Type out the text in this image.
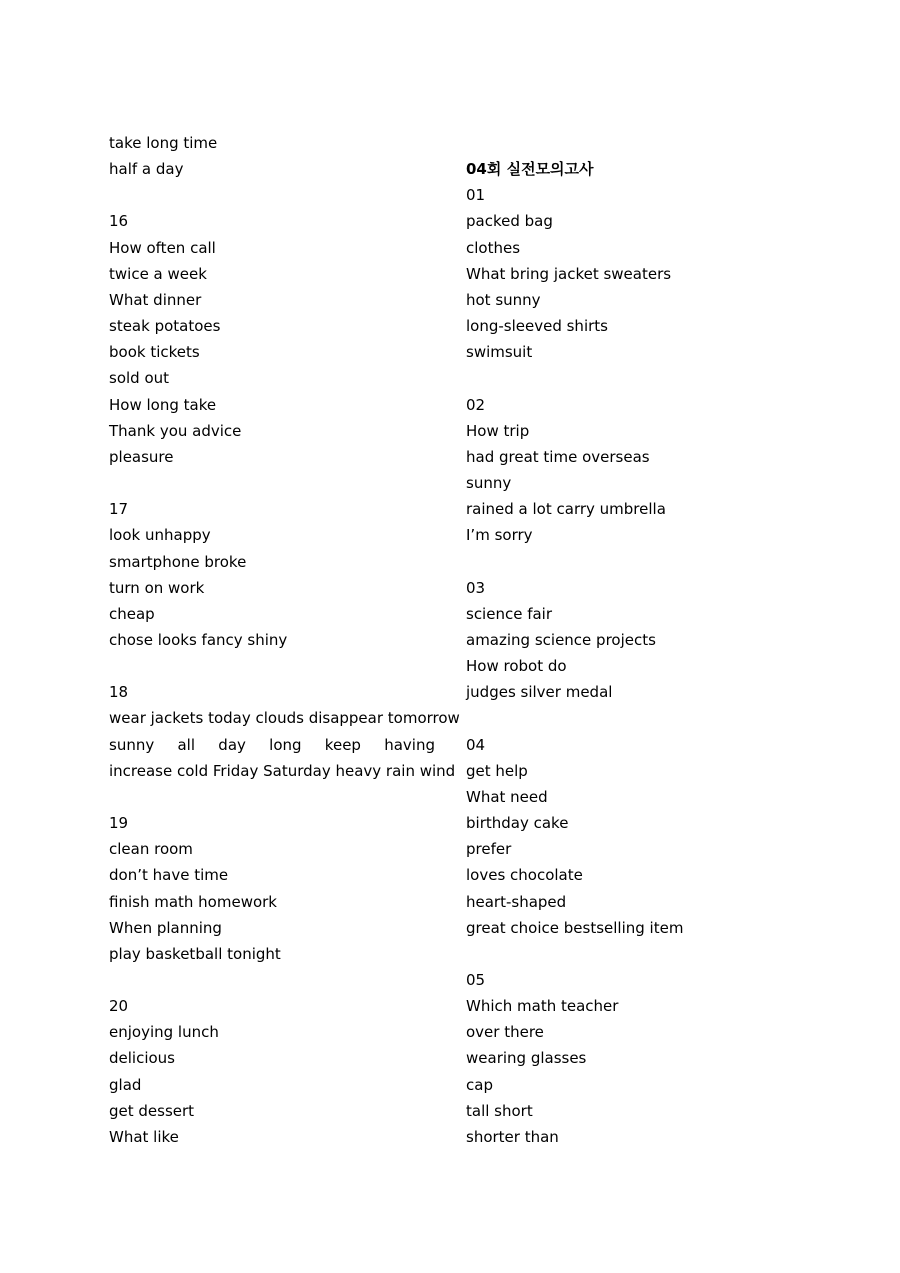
take long time
half a day
16
How often call
twice a week
What dinner
steak potatoes
book tickets
sold out
How long take
Thank you advice
pleasure
17
look unhappy
smartphone broke
turn on work
cheap
chose looks fancy shiny
18
wear jackets today clouds disappear tomorrow
sunny all day long keep having
increase cold Friday Saturday heavy rain wind
19
clean room
don’t have time
finish math homework
When planning
play basketball tonight
20
enjoying lunch
delicious
glad
get dessert
What like
04회 실전모의고사
01
packed bag
clothes
What bring jacket sweaters
hot sunny
long-sleeved shirts
swimsuit
02
How trip
had great time overseas
sunny
rained a lot carry umbrella
I’m sorry
03
science fair
amazing science projects
How robot do
judges silver medal
04
get help
What need
birthday cake
prefer
loves chocolate
heart-shaped
great choice bestselling item
05
Which math teacher
over there
wearing glasses
cap
tall short
shorter than
